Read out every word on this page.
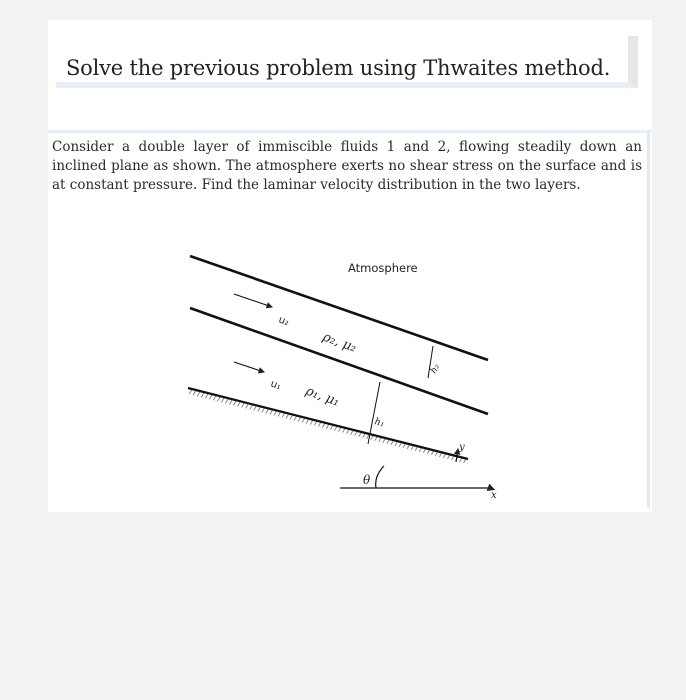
Solve the previous problem using Thwaites method.
Consider a double layer of immiscible fluids 1 and 2, flowing steadily down an inclined plane as shown. The atmosphere exerts no shear stress on the surface and is at constant pressure. Find the laminar velocity distribution in the two layers.
Atmosphere
u₂
u₁
ρ₂, μ₂
ρ₁, μ₁
h₂
h₁
y
x
θ
